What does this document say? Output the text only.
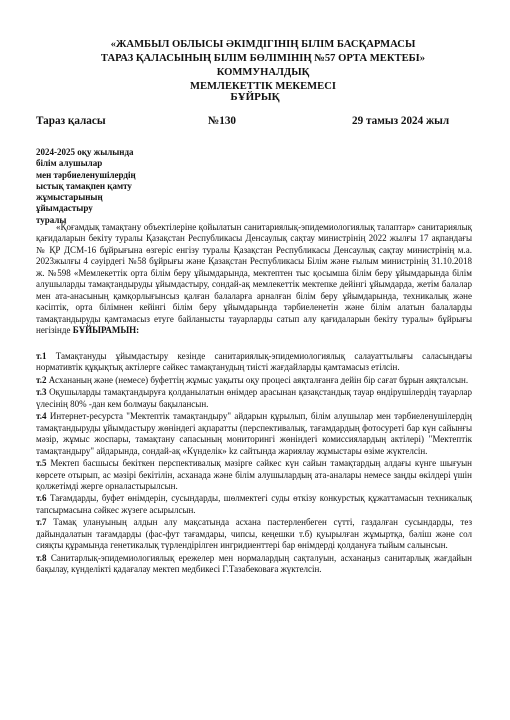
«ЖАМБЫЛ ОБЛЫСЫ ӘКІМДІГІНІҢ БІЛІМ БАСҚАРМАСЫ
ТАРАЗ ҚАЛАСЫНЫҢ БІЛІМ БӨЛІМІНІҢ №57 ОРТА МЕКТЕБІ» КОММУНАЛДЫҚ
МЕМЛЕКЕТТІК МЕКЕМЕСІ
БҰЙРЫҚ
Тараз қаласы	№130	29 тамыз 2024 жыл
2024-2025 оқу жылында
білім алушылар
мен тәрбиеленушілердің
ыстық тамақпен қамту
жұмыстарының
ұйымдастыру
туралы

«Қоғамдық тамақтану объектілеріне қойылатын санитариялық-эпидемиологиялық талаптар» санитариялық қағидаларын бекіту туралы Қазақстан Республикасы Денсаулық сақтау министрінің 2022 жылғы 17 ақпандағы № ҚР ДСМ-16 бұйрығына өзгеріс енгізу туралы Қазақстан Республикасы Денсаулық сақтау министрінің м.а. 2023жылғы 4 сәуірдегі №58 бұйрығы және Қазақстан Республикасы Білім және ғылым министрінің 31.10.2018 ж. №598 «Мемлекеттік орта білім беру ұйымдарында, мектептен тыс қосымша білім беру ұйымдарында білім алушыларды тамақтандыруды ұйымдастыру, сондай-ақ мемлекеттік мектепке дейінгі ұйымдарда, жетім балалар мен ата-анасының қамқорлығынсыз қалған балаларға арналған білім беру ұйымдарында, техникалық және кәсіптік, орта білімнен кейінгі білім беру ұйымдарында тәрбиеленетін және білім алатын балаларды тамақтандыруды қамтамасыз етуге байланысты тауарларды сатып алу қағидаларын бекіту туралы» бұйрығы негізінде БҰЙЫРАМЫН:

т.1 Тамақтануды ұйымдастыру кезінде санитариялық-эпидемиологиялық салауаттылығы саласындағы нормативтік құқықтық актілерге сәйкес тамақтанудың тиісті жағдайларды қамтамасыз етілсін.
т.2 Асхананың және (немесе) буфеттің жұмыс уақыты оқу процесі аяқталғанға дейін бір сағат бұрын аяқталсын.
т.3 Оқушыларды тамақтандыруға қолданылатын өнімдер арасынан қазақстандық тауар өндірушілердің тауарлар үлесінің 80% -дан кем болмауы бақылансын.
т.4 Интернет-ресурста "Мектептік тамақтандыру" айдарын құрылып, білім алушылар мен тәрбиеленушілердің тамақтандыруды ұйымдастыру жөніндегі ақпаратты (перспективалық, тағамдардың фотосуреті бар күн сайынғы мәзір, жұмыс жоспары, тамақтану сапасының мониторингі жөніндегі комиссиялардың актілері) "Мектептік тамақтандыру" айдарында, сондай-ақ «Күнделік» kz сайтында жариялау жұмыстары өзіме жүктелсін.
т.5 Мектеп басшысы бекіткен перспективалық мәзірге сәйкес күн сайын тамақтардың алдағы күнге шығуын көрсете отырып, ас мәзірі бекітілін, асханада және білім алушылардың ата-аналары немесе заңды өкілдері үшін қолжетімді жерге орналастырылсын.
т.6 Тағамдарды, буфет өнімдерін, сусындарды, шөлмектегі суды өткізу конкурстық құжаттамасын техникалық тапсырмасына сәйкес жүзеге асырылсын.
т.7 Тамақ улануының алдын алу мақсатында асхана пастерленбеген сүтті, газдалған сусындарды, тез дайындалатын тағамдарды (фас-фут тағамдары, чипсы, кеңешки т.б) қуырылған жұмыртқа, бәліш және сол сияқты құрамында генетикалық түрлендірілген ингридиенттері бар өнімдерді қолдануға тыйым салынсын.
т.8 Санитарлық-эпидемиологиялық ережелер мен нормалардың сақталуын, асханаңыз санитарлық жағдайын бақылау, күнделікті қадағалау мектеп медбикесі Г.Тазабековаға жүктелсін.
